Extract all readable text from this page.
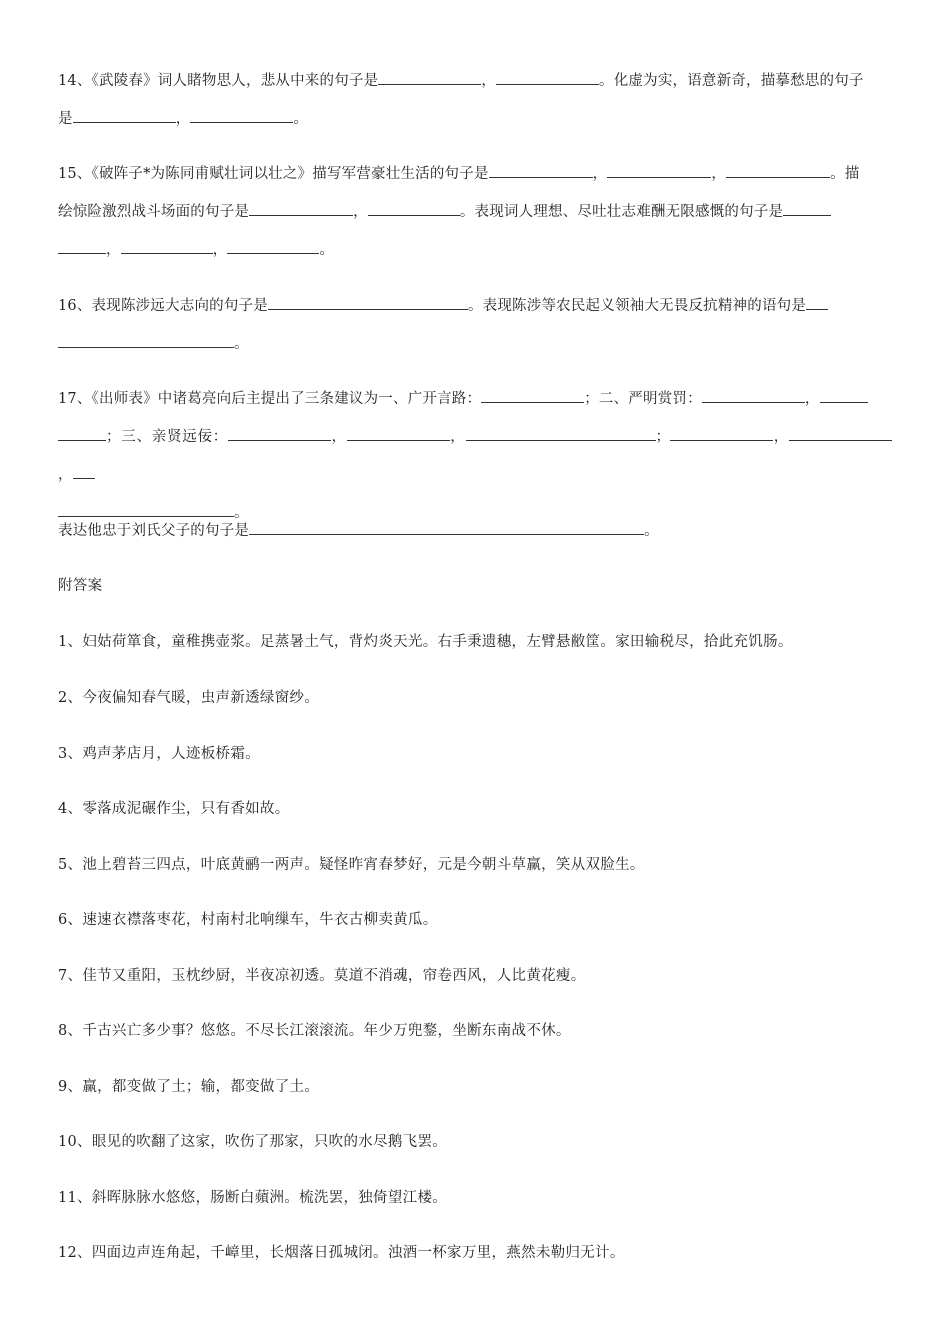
14、《武陵春》词人睹物思人，悲从中来的句子是	，	。化虚为实，语意新奇，描摹愁思的句子
是	，	。
15、《破阵子*为陈同甫赋壮词以壮之》描写军营豪壮生活的句子是	，	，	。描
绘惊险激烈战斗场面的句子是	，	。表现词人理想、尽吐壮志难酬无限感慨的句子是
，	，	。
16、表现陈涉远大志向的句子是	。表现陈涉等农民起义领袖大无畏反抗精神的语句是
。
17、《出师表》中诸葛亮向后主提出了三条建议为一、广开言路：	；二、严明赏罚：	，
；三、亲贤远佞：	，	，	；	，，
。
表达他忠于刘氏父子的句子是	。
附答案
1、妇姑荷箪食，童稚携壶浆。足蒸暑土气，背灼炎天光。右手秉遗穗，左臂悬敝筐。家田输税尽，拾此充饥肠。
2、今夜偏知春气暖，虫声新透绿窗纱。
3、鸡声茅店月，人迹板桥霜。
4、零落成泥碾作尘，只有香如故。
5、池上碧苔三四点，叶底黄鹂一两声。疑怪昨宵春梦好，元是今朝斗草赢，笑从双脸生。
6、速速衣襟落枣花，村南村北响缫车，牛衣古柳卖黄瓜。
7、佳节又重阳，玉枕纱厨，半夜凉初透。莫道不消魂，帘卷西风，人比黄花瘦。
8、千古兴亡多少事？悠悠。不尽长江滚滚流。年少万兜鍪，坐断东南战不休。
9、赢，都变做了土；输，都变做了土。
10、眼见的吹翻了这家，吹伤了那家，只吹的水尽鹅飞罢。
11、斜晖脉脉水悠悠，肠断白蘋洲。梳洗罢，独倚望江楼。
12、四面边声连角起，千嶂里，长烟落日孤城闭。浊酒一杯家万里，燕然未勒归无计。
